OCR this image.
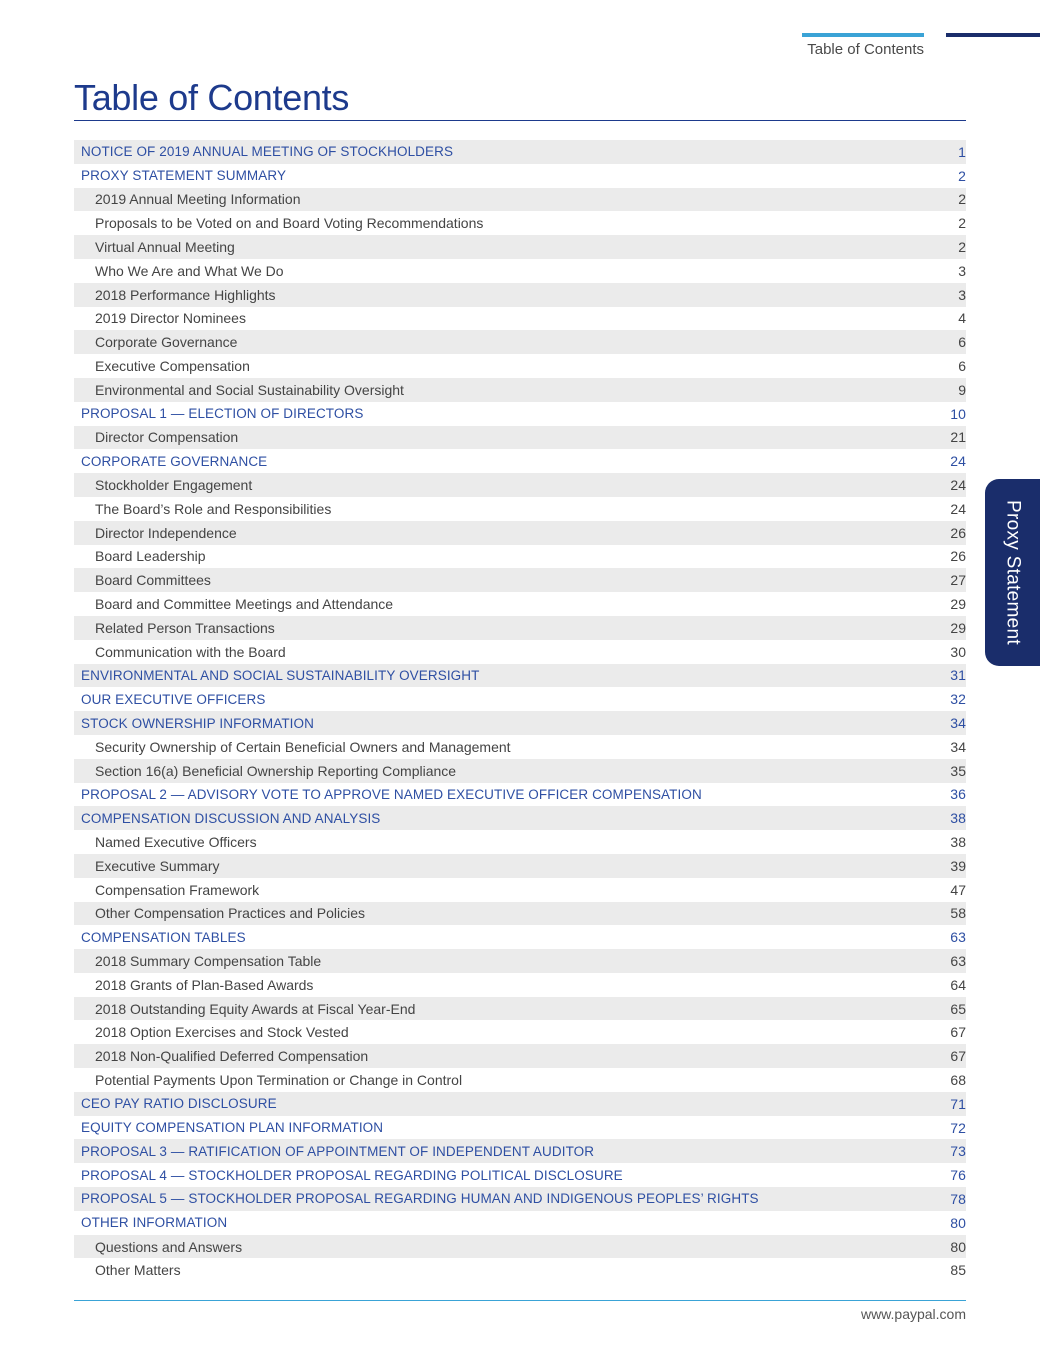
Table of Contents
Table of Contents
NOTICE OF 2019 ANNUAL MEETING OF STOCKHOLDERS	1
PROXY STATEMENT SUMMARY	2
2019 Annual Meeting Information	2
Proposals to be Voted on and Board Voting Recommendations	2
Virtual Annual Meeting	2
Who We Are and What We Do	3
2018 Performance Highlights	3
2019 Director Nominees	4
Corporate Governance	6
Executive Compensation	6
Environmental and Social Sustainability Oversight	9
PROPOSAL 1 — ELECTION OF DIRECTORS	10
Director Compensation	21
CORPORATE GOVERNANCE	24
Stockholder Engagement	24
The Board’s Role and Responsibilities	24
Director Independence	26
Board Leadership	26
Board Committees	27
Board and Committee Meetings and Attendance	29
Related Person Transactions	29
Communication with the Board	30
ENVIRONMENTAL AND SOCIAL SUSTAINABILITY OVERSIGHT	31
OUR EXECUTIVE OFFICERS	32
STOCK OWNERSHIP INFORMATION	34
Security Ownership of Certain Beneficial Owners and Management	34
Section 16(a) Beneficial Ownership Reporting Compliance	35
PROPOSAL 2 — ADVISORY VOTE TO APPROVE NAMED EXECUTIVE OFFICER COMPENSATION	36
COMPENSATION DISCUSSION AND ANALYSIS	38
Named Executive Officers	38
Executive Summary	39
Compensation Framework	47
Other Compensation Practices and Policies	58
COMPENSATION TABLES	63
2018 Summary Compensation Table	63
2018 Grants of Plan-Based Awards	64
2018 Outstanding Equity Awards at Fiscal Year-End	65
2018 Option Exercises and Stock Vested	67
2018 Non-Qualified Deferred Compensation	67
Potential Payments Upon Termination or Change in Control	68
CEO PAY RATIO DISCLOSURE	71
EQUITY COMPENSATION PLAN INFORMATION	72
PROPOSAL 3 — RATIFICATION OF APPOINTMENT OF INDEPENDENT AUDITOR	73
PROPOSAL 4 — STOCKHOLDER PROPOSAL REGARDING POLITICAL DISCLOSURE	76
PROPOSAL 5 — STOCKHOLDER PROPOSAL REGARDING HUMAN AND INDIGENOUS PEOPLES’ RIGHTS	78
OTHER INFORMATION	80
Questions and Answers	80
Other Matters	85
Proxy Statement
www.paypal.com
